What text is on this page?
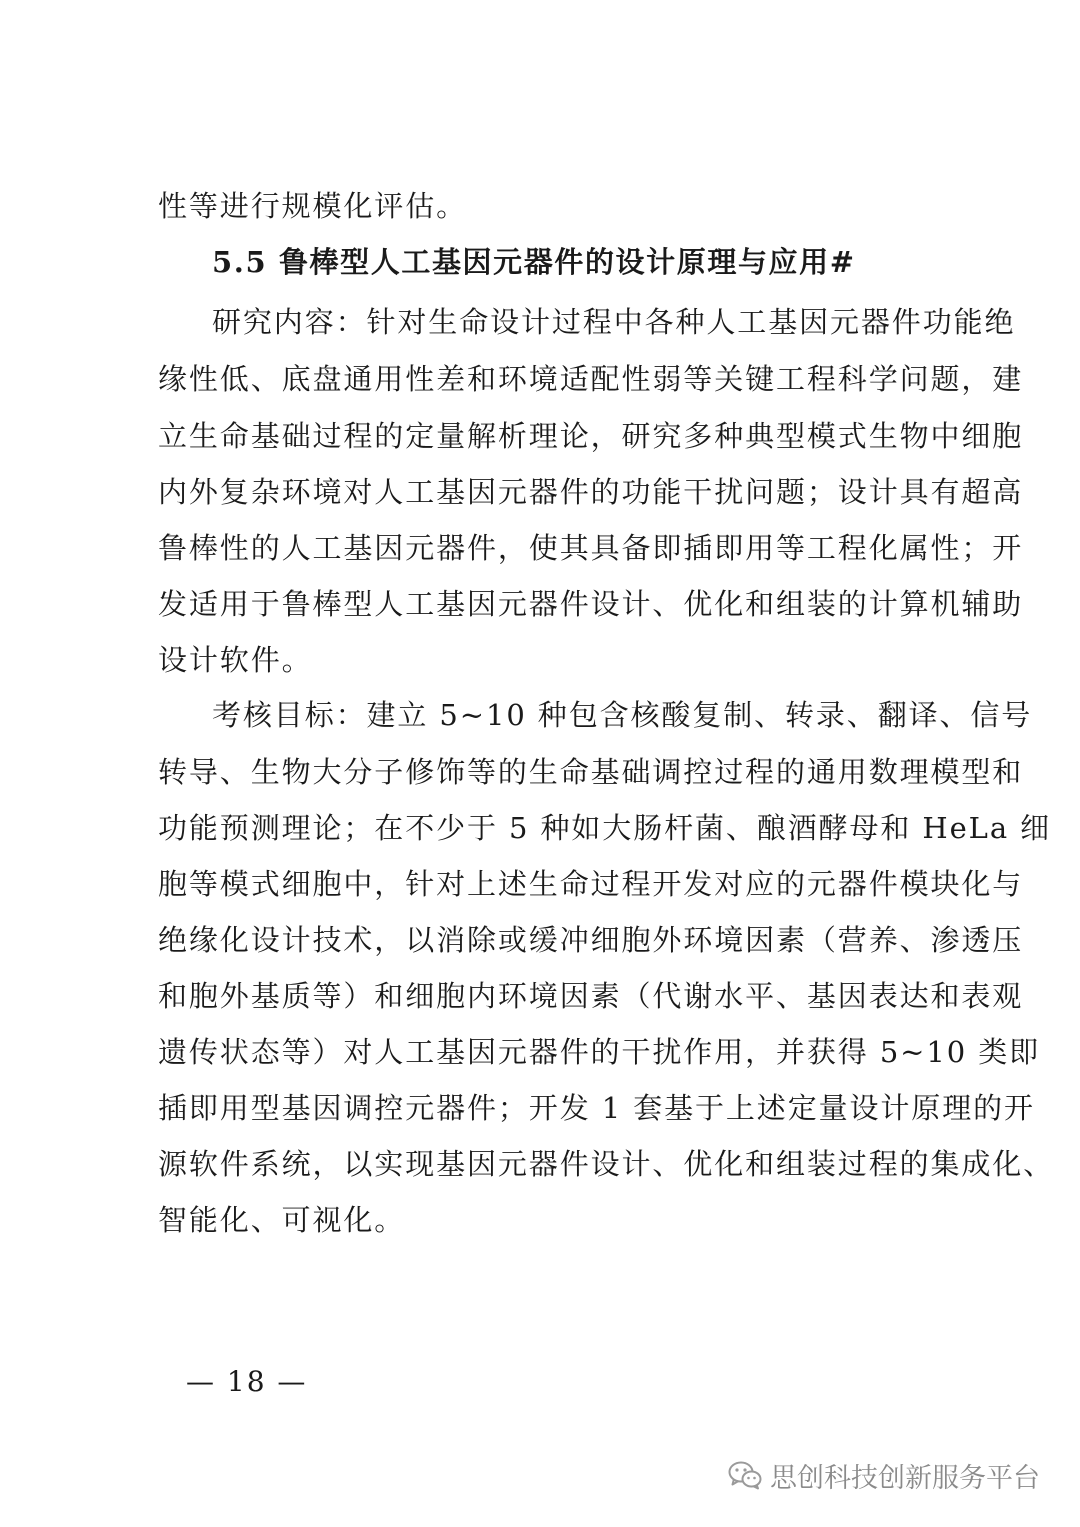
性等进行规模化评估。
5.5 鲁棒型人工基因元器件的设计原理与应用#
研究内容：针对生命设计过程中各种人工基因元器件功能绝
缘性低、底盘通用性差和环境适配性弱等关键工程科学问题，建
立生命基础过程的定量解析理论，研究多种典型模式生物中细胞
内外复杂环境对人工基因元器件的功能干扰问题；设计具有超高
鲁棒性的人工基因元器件，使其具备即插即用等工程化属性；开
发适用于鲁棒型人工基因元器件设计、优化和组装的计算机辅助
设计软件。
考核目标：建立 5~10 种包含核酸复制、转录、翻译、信号
转导、生物大分子修饰等的生命基础调控过程的通用数理模型和
功能预测理论；在不少于 5 种如大肠杆菌、酿酒酵母和 HeLa 细
胞等模式细胞中，针对上述生命过程开发对应的元器件模块化与
绝缘化设计技术，以消除或缓冲细胞外环境因素（营养、渗透压
和胞外基质等）和细胞内环境因素（代谢水平、基因表达和表观
遗传状态等）对人工基因元器件的干扰作用，并获得 5~10 类即
插即用型基因调控元器件；开发 1 套基于上述定量设计原理的开
源软件系统，以实现基因元器件设计、优化和组装过程的集成化、
智能化、可视化。
— 18 —
思创科技创新服务平台
